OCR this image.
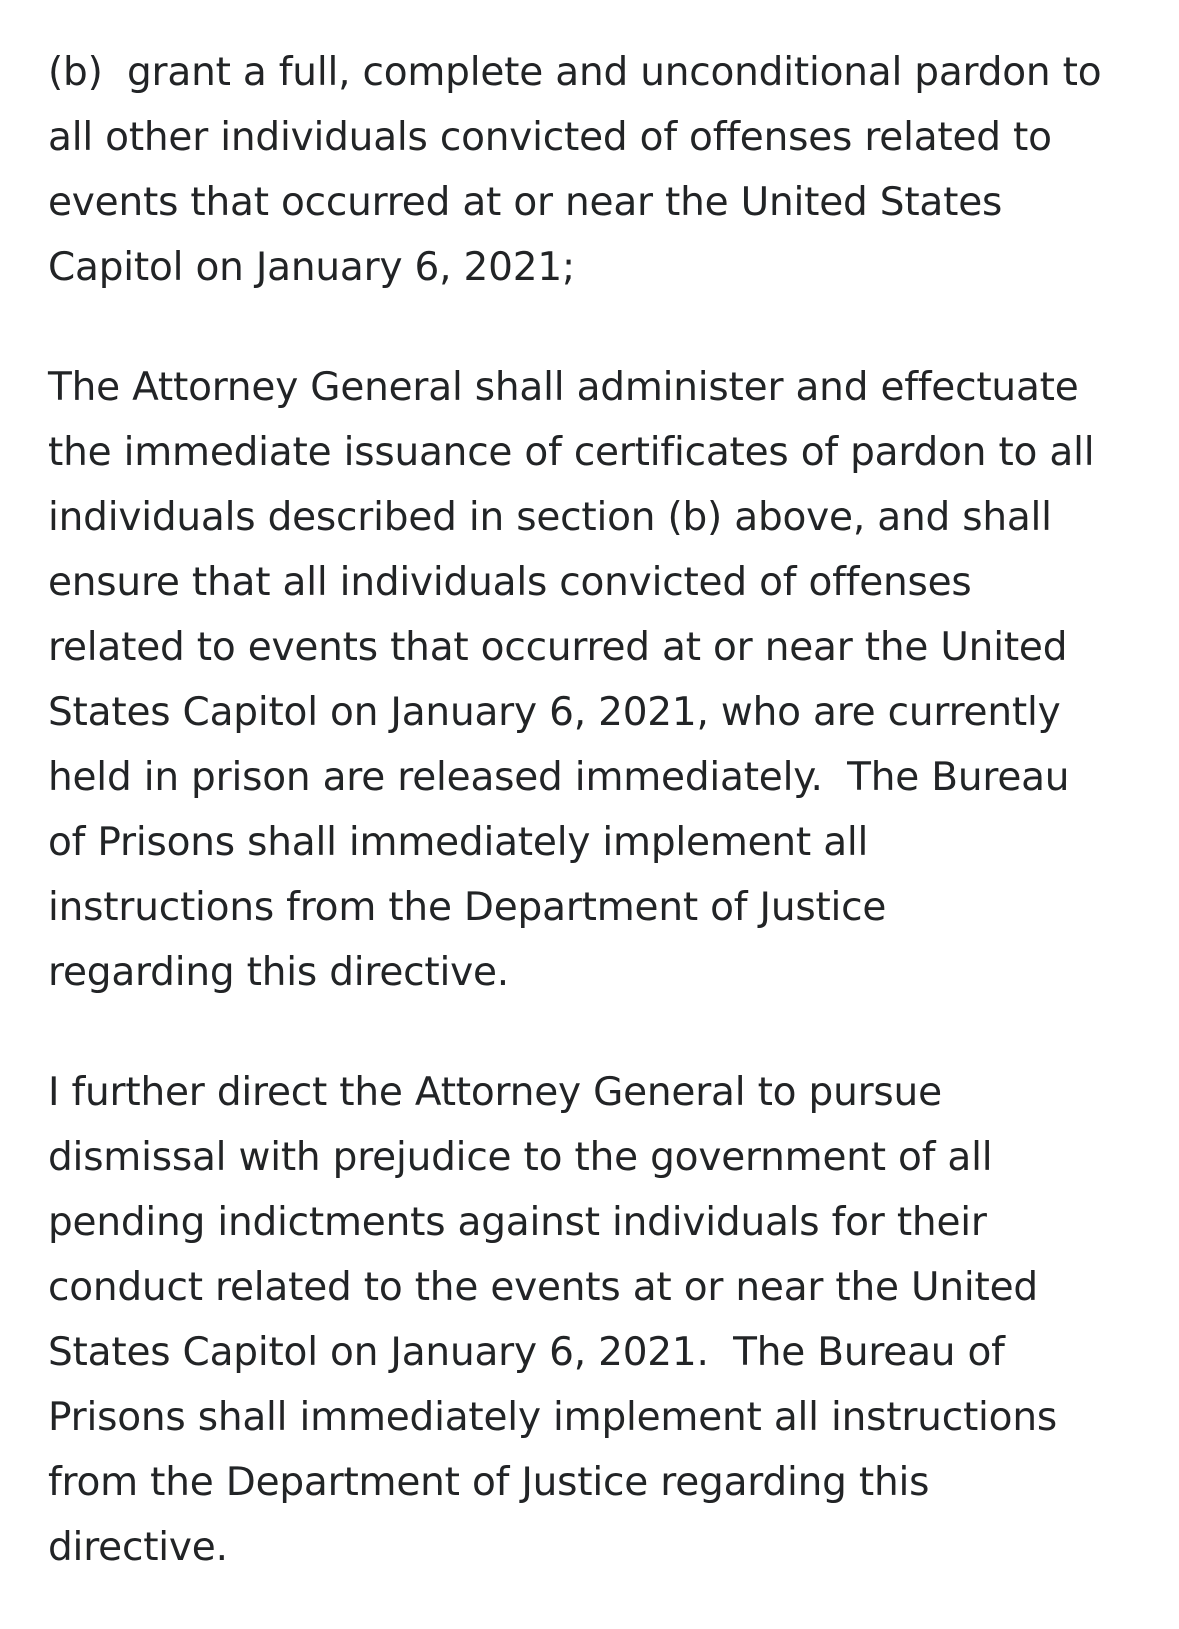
(b)  grant a full, complete and unconditional pardon to
all other individuals convicted of offenses related to
events that occurred at or near the United States
Capitol on January 6, 2021;

The Attorney General shall administer and effectuate
the immediate issuance of certificates of pardon to all
individuals described in section (b) above, and shall
ensure that all individuals convicted of offenses
related to events that occurred at or near the United
States Capitol on January 6, 2021, who are currently
held in prison are released immediately.  The Bureau
of Prisons shall immediately implement all
instructions from the Department of Justice
regarding this directive.

I further direct the Attorney General to pursue
dismissal with prejudice to the government of all
pending indictments against individuals for their
conduct related to the events at or near the United
States Capitol on January 6, 2021.  The Bureau of
Prisons shall immediately implement all instructions
from the Department of Justice regarding this
directive.
